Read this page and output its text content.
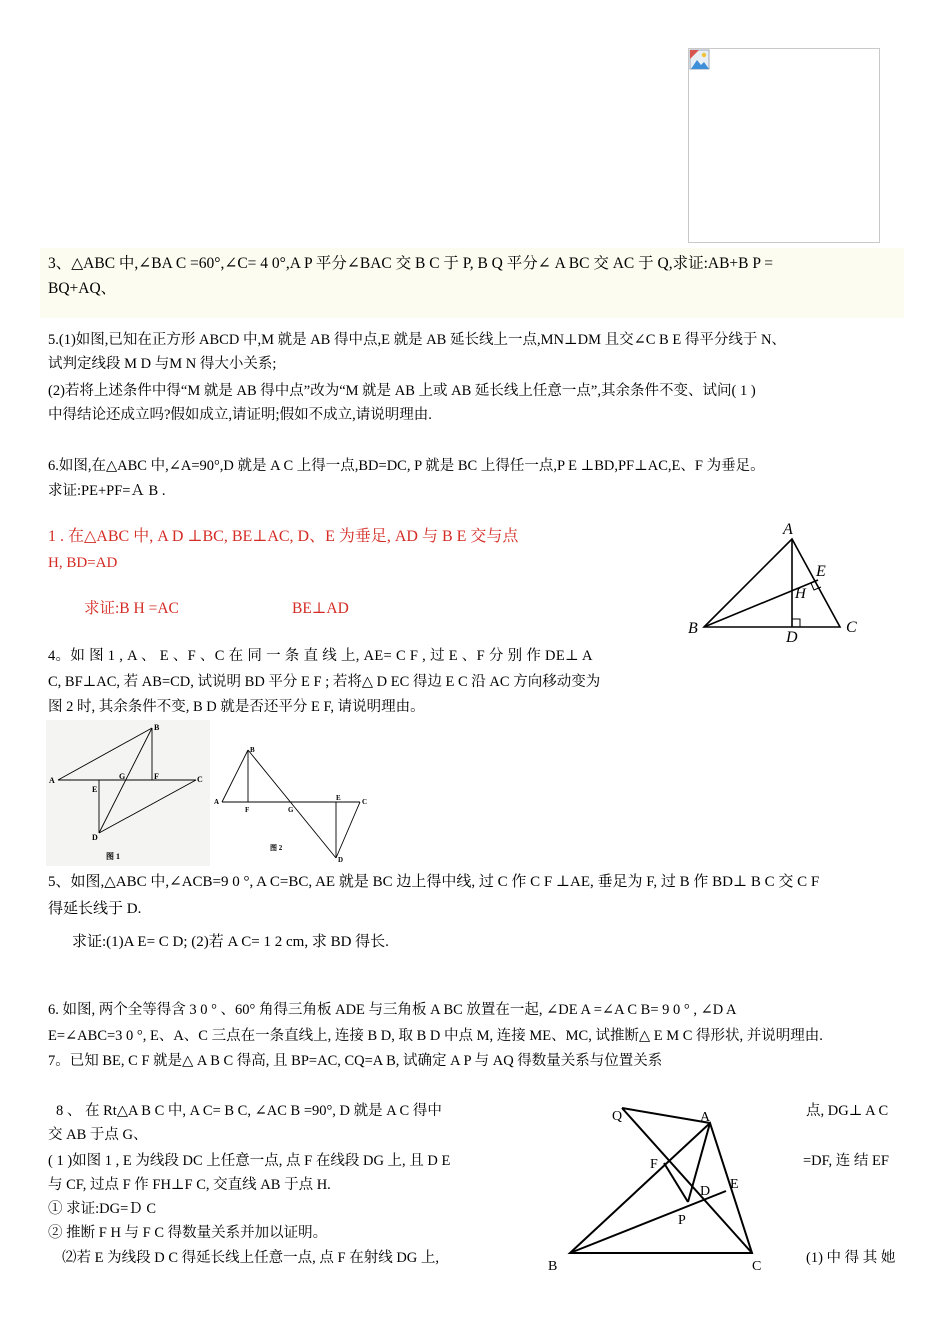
3、△ABC 中,∠BA C =60°,∠C= 4 0°,A P 平分∠BAC 交 B C 于 P, B Q 平分∠ A BC 交 AC 于 Q,求证:AB+B P =
BQ+AQ、
5.(1)如图,已知在正方形 ABCD 中,M 就是 AB 得中点,E 就是 AB 延长线上一点,MN⊥DM 且交∠C B E 得平分线于 N、
试判定线段 M D 与M N 得大小关系;
(2)若将上述条件中得“M 就是 AB 得中点”改为“M 就是 AB 上或 AB 延长线上任意一点”,其余条件不变、试问( 1 )
中得结论还成立吗?假如成立,请证明;假如不成立,请说明理由.
6.如图,在△ABC 中,∠A=90°,D 就是 A C 上得一点,BD=DC, P 就是 BC 上得任一点,P E ⊥BD,PF⊥AC,E、F 为垂足。
求证:PE+PF=Ａ B .
1 . 在△ABC 中, A D ⊥BC, BE⊥AC, D、E 为垂足, AD 与 B E 交与点
H, BD=AD
求证:B H =AC	BE⊥AD
A
E
H
B
D
C
4。如 图 1 , A 、 E 、F 、C 在 同 一 条 直 线 上, AE= C F , 过 E 、F 分 别 作 DE⊥ A
C, BF⊥AC, 若 AB=CD, 试说明 BD 平分 E F ; 若将△ D EC 得边 E C 沿 AC 方向移动变为
图 2 时, 其余条件不变, B D 就是否还平分 E F, 请说明理由。
A
B
E
G	F	C
D
图 1
A
B
F	G
E	C
D
图 2
5、如图,△ABC 中,∠ACB=9 0 °, A C=BC, AE 就是 BC 边上得中线, 过 C 作 C F ⊥AE, 垂足为 F, 过 B 作 BD⊥ B C 交 C F
得延长线于 D.
求证:(1)A E= C D; (2)若 A C= 1 2 cm, 求 BD 得长.
6. 如图, 两个全等得含 3 0 ° 、60° 角得三角板 ADE 与三角板 A BC 放置在一起, ∠DE A =∠A C B= 9 0 ° , ∠D A
E=∠ABC=3 0 °, E、A、C 三点在一条直线上, 连接 B D, 取 B D 中点 M, 连接 ME、MC, 试推断△ E M C 得形状, 并说明理由.
7。已知 BE, C F 就是△ A B C 得高, 且 BP=AC, CQ=A B, 试确定 A P 与 AQ 得数量关系与位置关系
8 、 在 Rt△A B C 中, A C= B C, ∠AC B =90°, D 就是 A C 得中	点, DG⊥ A C
交 AB 于点 G、
( 1 )如图 1 , E 为线段 DC 上任意一点, 点 F 在线段 DG 上, 且 D E	=DF, 连 结 EF
与 CF, 过点 F 作 FH⊥F C, 交直线 AB 于点 H.
① 求证:DG=Ｄ C
② 推断 F H 与 F C 得数量关系并加以证明。
⑵若 E 为线段 D C 得延长线上任意一点, 点 F 在射线 DG 上,	(1) 中 得 其 她
Q	A
F
E
D
P
B	C
